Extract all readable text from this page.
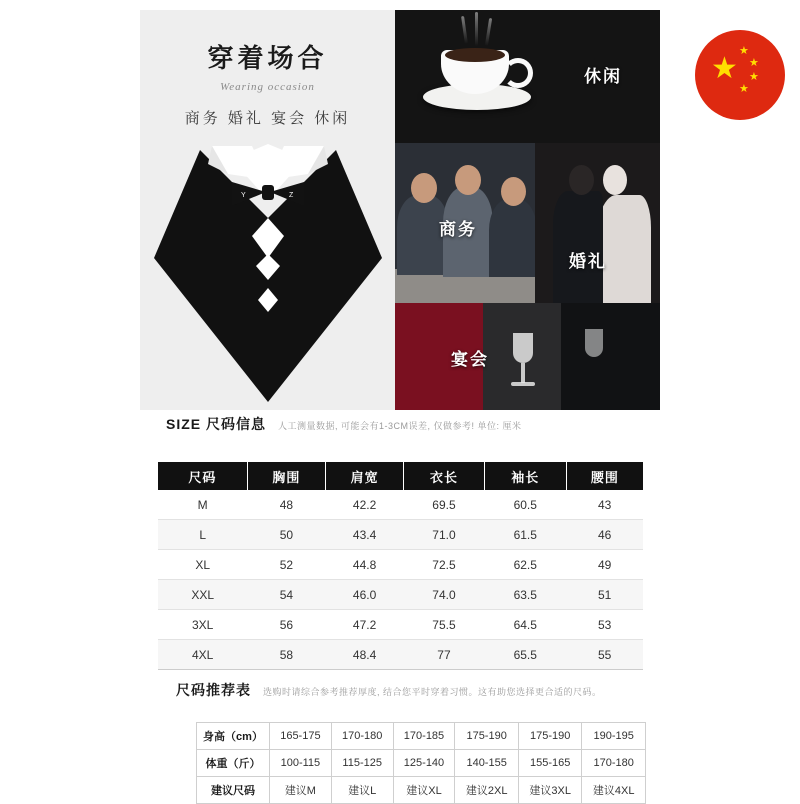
穿着场合
Wearing occasion
商务 婚礼 宴会 休闲
Y	Z
休闲
商务
婚礼
宴会
★
★
★
★
★
SIZE 尺码信息 人工测量数据, 可能会有1-3CM误差, 仅做参考! 单位: 厘米
尺码	胸围	肩宽	衣长	袖长	腰围
M	48	42.2	69.5	60.5	43
L	50	43.4	71.0	61.5	46
XL	52	44.8	72.5	62.5	49
XXL	54	46.0	74.0	63.5	51
3XL	56	47.2	75.5	64.5	53
4XL	58	48.4	77	65.5	55
尺码推荐表 选购时请综合参考推荐厚度, 结合您平时穿着习惯。这有助您选择更合适的尺码。
身高（cm）	165-175	170-180	170-185	175-190	175-190	190-195
体重（斤）	100-115	115-125	125-140	140-155	155-165	170-180
建议尺码	建议M	建议L	建议XL	建议2XL	建议3XL	建议4XL
